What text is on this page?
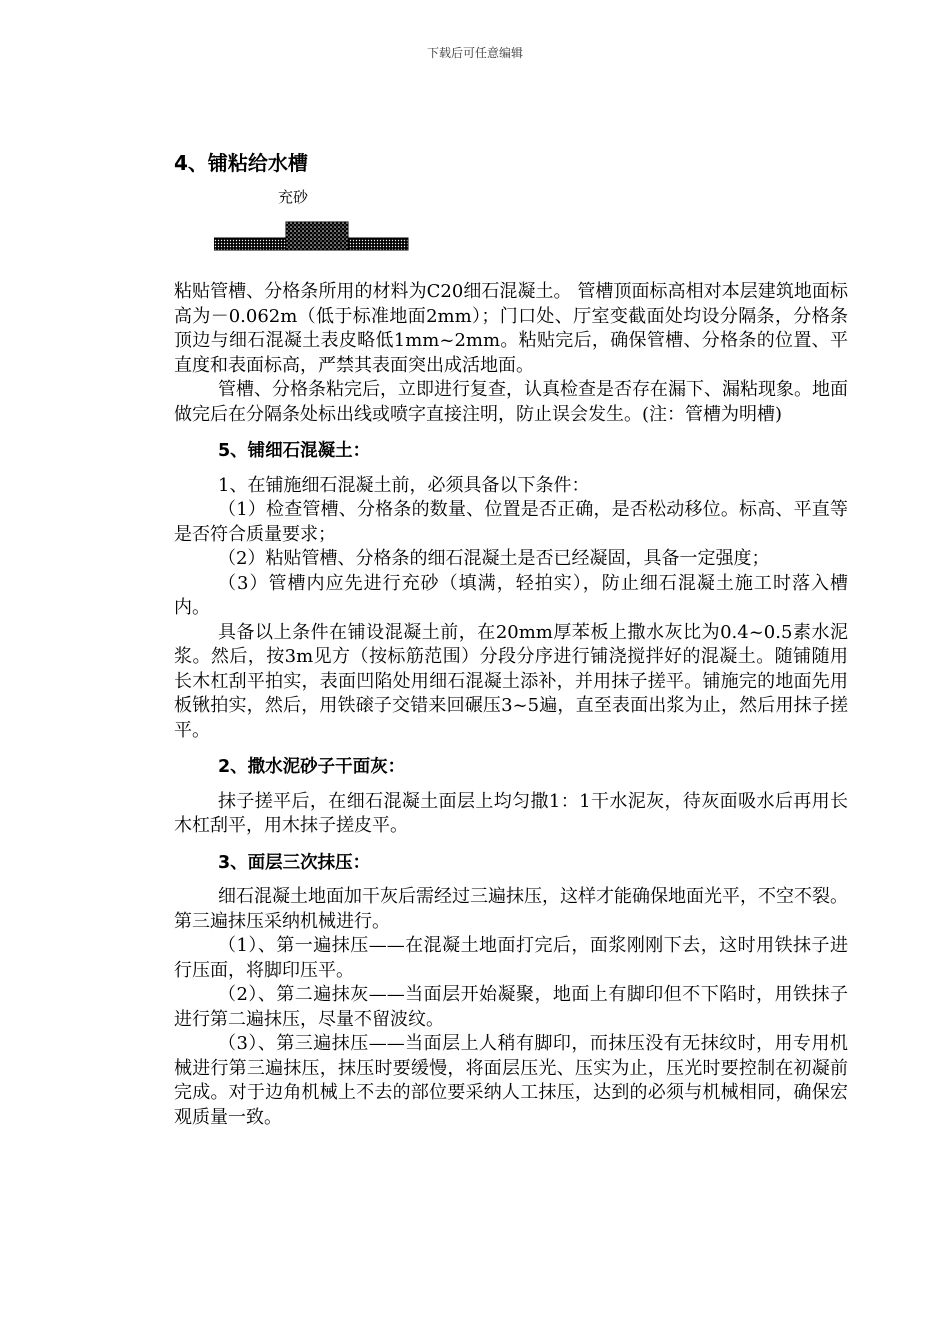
下载后可任意编辑
4、铺粘给水槽
充砂

粘贴管槽、分格条所用的材料为C20细石混凝土。 管槽顶面标高相对本层建筑地面标高为－0.062m（低于标准地面2mm）；门口处、厅室变截面处均设分隔条，分格条顶边与细石混凝土表皮略低1mm~2mm。粘贴完后，确保管槽、分格条的位置、平直度和表面标高，严禁其表面突出成活地面。

管槽、分格条粘完后，立即进行复查，认真检查是否存在漏下、漏粘现象。地面做完后在分隔条处标出线或喷字直接注明，防止误会发生。(注：管槽为明槽)

5、铺细石混凝土：

1、在铺施细石混凝土前，必须具备以下条件：

（1）检查管槽、分格条的数量、位置是否正确，是否松动移位。标高、平直等是否符合质量要求；

（2）粘贴管槽、分格条的细石混凝土是否已经凝固，具备一定强度；

（3）管槽内应先进行充砂（填满，轻拍实），防止细石混凝土施工时落入槽内。

具备以上条件在铺设混凝土前，在20mm厚苯板上撒水灰比为0.4~0.5素水泥浆。然后，按3m见方（按标筋范围）分段分序进行铺浇搅拌好的混凝土。随铺随用长木杠刮平拍实，表面凹陷处用细石混凝土添补，并用抹子搓平。铺施完的地面先用板锹拍实，然后，用铁磙子交错来回碾压3~5遍，直至表面出浆为止，然后用抹子搓平。

2、撒水泥砂子干面灰：

抹子搓平后，在细石混凝土面层上均匀撒1：1干水泥灰，待灰面吸水后再用长木杠刮平，用木抹子搓皮平。

3、面层三次抹压：

细石混凝土地面加干灰后需经过三遍抹压，这样才能确保地面光平，不空不裂。第三遍抹压采纳机械进行。

（1）、第一遍抹压——在混凝土地面打完后，面浆刚刚下去，这时用铁抹子进行压面，将脚印压平。

（2）、第二遍抹灰——当面层开始凝聚，地面上有脚印但不下陷时，用铁抹子进行第二遍抹压，尽量不留波纹。

（3）、第三遍抹压——当面层上人稍有脚印，而抹压没有无抹纹时，用专用机械进行第三遍抹压，抹压时要缓慢，将面层压光、压实为止，压光时要控制在初凝前完成。对于边角机械上不去的部位要采纳人工抹压，达到的必须与机械相同，确保宏观质量一致。
